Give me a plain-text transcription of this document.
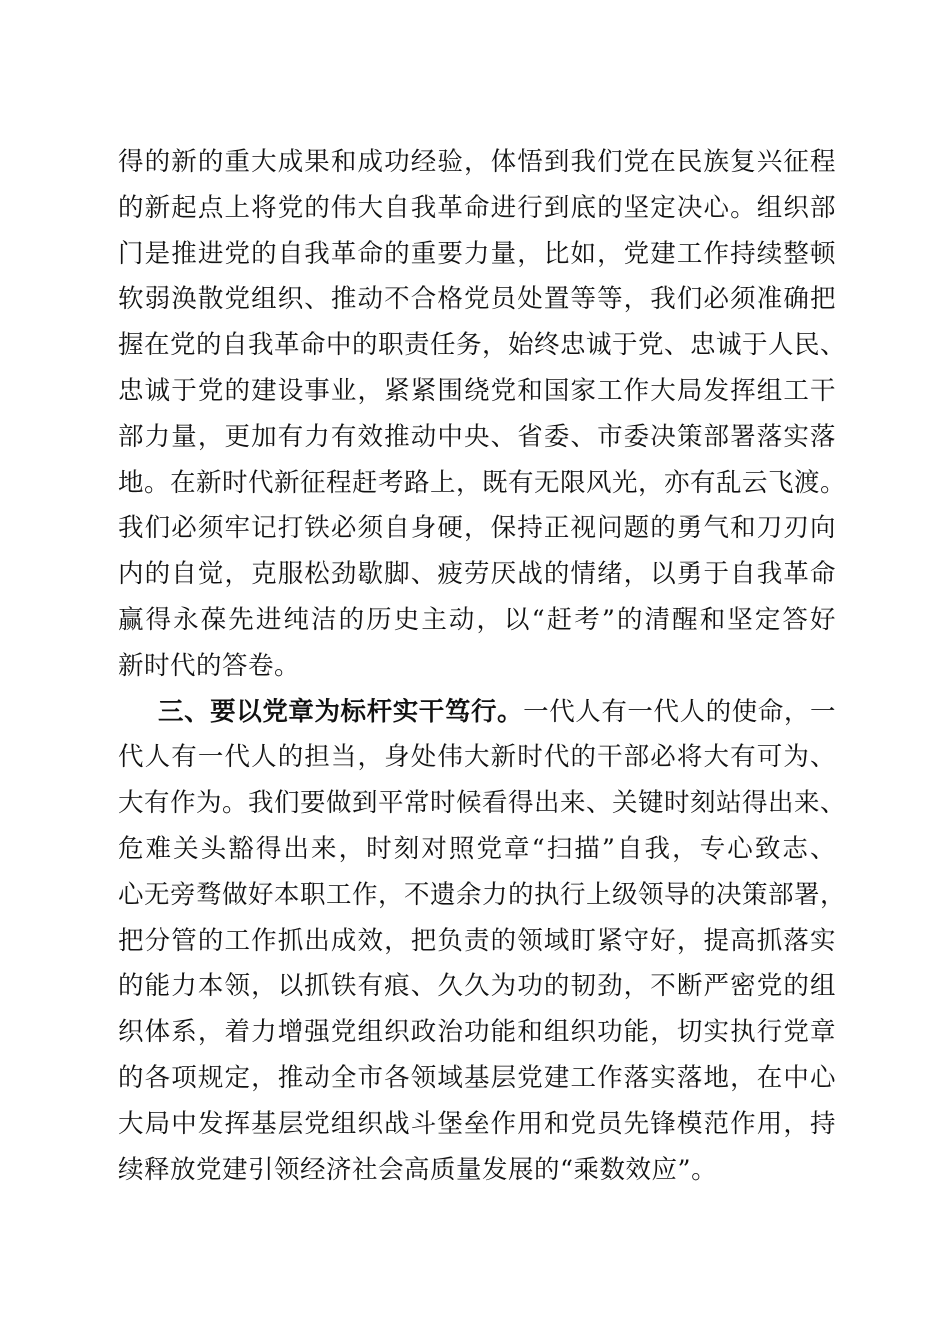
得的新的重大成果和成功经验，体悟到我们党在民族复兴征程
的新起点上将党的伟大自我革命进行到底的坚定决心。组织部
门是推进党的自我革命的重要力量，比如，党建工作持续整顿
软弱涣散党组织、推动不合格党员处置等等，我们必须准确把
握在党的自我革命中的职责任务，始终忠诚于党、忠诚于人民、
忠诚于党的建设事业，紧紧围绕党和国家工作大局发挥组工干
部力量，更加有力有效推动中央、省委、市委决策部署落实落
地。在新时代新征程赶考路上，既有无限风光，亦有乱云飞渡。
我们必须牢记打铁必须自身硬，保持正视问题的勇气和刀刃向
内的自觉，克服松劲歇脚、疲劳厌战的情绪，以勇于自我革命
赢得永葆先进纯洁的历史主动，以“赶考”的清醒和坚定答好
新时代的答卷。
三、要以党章为标杆实干笃行。一代人有一代人的使命，一
代人有一代人的担当，身处伟大新时代的干部必将大有可为、
大有作为。我们要做到平常时候看得出来、关键时刻站得出来、
危难关头豁得出来，时刻对照党章“扫描”自我，专心致志、
心无旁骛做好本职工作，不遗余力的执行上级领导的决策部署，
把分管的工作抓出成效，把负责的领域盯紧守好，提高抓落实
的能力本领，以抓铁有痕、久久为功的韧劲，不断严密党的组
织体系，着力增强党组织政治功能和组织功能，切实执行党章
的各项规定，推动全市各领域基层党建工作落实落地，在中心
大局中发挥基层党组织战斗堡垒作用和党员先锋模范作用，持
续释放党建引领经济社会高质量发展的“乘数效应”。
